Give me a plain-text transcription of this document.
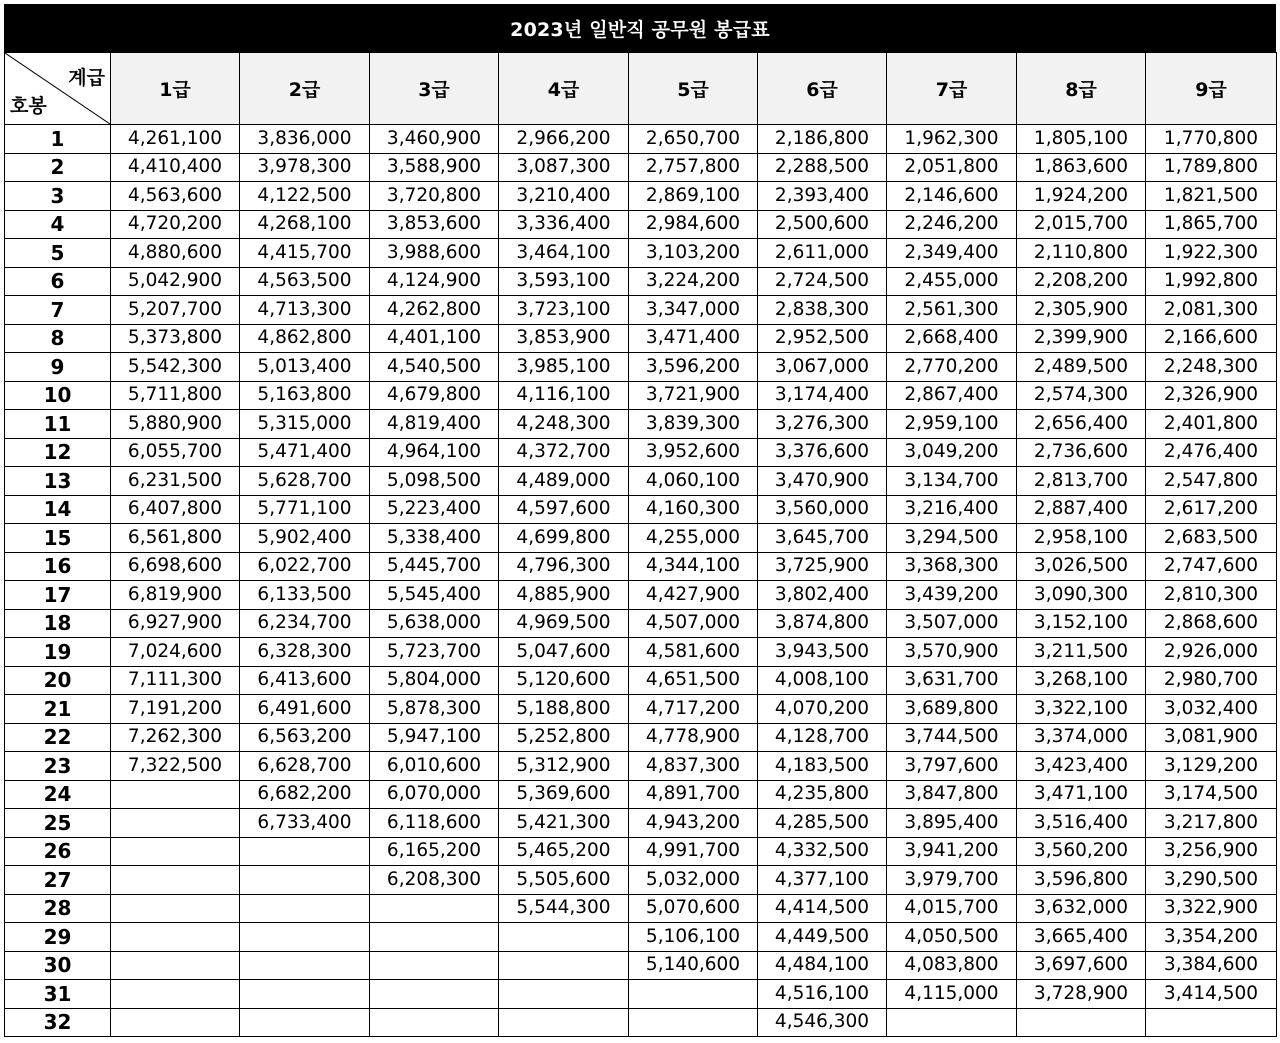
2023년 일반직 공무원 봉급표
계급
호봉	1급	2급	3급	4급	5급	6급	7급	8급	9급
1	4,261,100	3,836,000	3,460,900	2,966,200	2,650,700	2,186,800	1,962,300	1,805,100	1,770,800
2	4,410,400	3,978,300	3,588,900	3,087,300	2,757,800	2,288,500	2,051,800	1,863,600	1,789,800
3	4,563,600	4,122,500	3,720,800	3,210,400	2,869,100	2,393,400	2,146,600	1,924,200	1,821,500
4	4,720,200	4,268,100	3,853,600	3,336,400	2,984,600	2,500,600	2,246,200	2,015,700	1,865,700
5	4,880,600	4,415,700	3,988,600	3,464,100	3,103,200	2,611,000	2,349,400	2,110,800	1,922,300
6	5,042,900	4,563,500	4,124,900	3,593,100	3,224,200	2,724,500	2,455,000	2,208,200	1,992,800
7	5,207,700	4,713,300	4,262,800	3,723,100	3,347,000	2,838,300	2,561,300	2,305,900	2,081,300
8	5,373,800	4,862,800	4,401,100	3,853,900	3,471,400	2,952,500	2,668,400	2,399,900	2,166,600
9	5,542,300	5,013,400	4,540,500	3,985,100	3,596,200	3,067,000	2,770,200	2,489,500	2,248,300
10	5,711,800	5,163,800	4,679,800	4,116,100	3,721,900	3,174,400	2,867,400	2,574,300	2,326,900
11	5,880,900	5,315,000	4,819,400	4,248,300	3,839,300	3,276,300	2,959,100	2,656,400	2,401,800
12	6,055,700	5,471,400	4,964,100	4,372,700	3,952,600	3,376,600	3,049,200	2,736,600	2,476,400
13	6,231,500	5,628,700	5,098,500	4,489,000	4,060,100	3,470,900	3,134,700	2,813,700	2,547,800
14	6,407,800	5,771,100	5,223,400	4,597,600	4,160,300	3,560,000	3,216,400	2,887,400	2,617,200
15	6,561,800	5,902,400	5,338,400	4,699,800	4,255,000	3,645,700	3,294,500	2,958,100	2,683,500
16	6,698,600	6,022,700	5,445,700	4,796,300	4,344,100	3,725,900	3,368,300	3,026,500	2,747,600
17	6,819,900	6,133,500	5,545,400	4,885,900	4,427,900	3,802,400	3,439,200	3,090,300	2,810,300
18	6,927,900	6,234,700	5,638,000	4,969,500	4,507,000	3,874,800	3,507,000	3,152,100	2,868,600
19	7,024,600	6,328,300	5,723,700	5,047,600	4,581,600	3,943,500	3,570,900	3,211,500	2,926,000
20	7,111,300	6,413,600	5,804,000	5,120,600	4,651,500	4,008,100	3,631,700	3,268,100	2,980,700
21	7,191,200	6,491,600	5,878,300	5,188,800	4,717,200	4,070,200	3,689,800	3,322,100	3,032,400
22	7,262,300	6,563,200	5,947,100	5,252,800	4,778,900	4,128,700	3,744,500	3,374,000	3,081,900
23	7,322,500	6,628,700	6,010,600	5,312,900	4,837,300	4,183,500	3,797,600	3,423,400	3,129,200
24		6,682,200	6,070,000	5,369,600	4,891,700	4,235,800	3,847,800	3,471,100	3,174,500
25		6,733,400	6,118,600	5,421,300	4,943,200	4,285,500	3,895,400	3,516,400	3,217,800
26			6,165,200	5,465,200	4,991,700	4,332,500	3,941,200	3,560,200	3,256,900
27			6,208,300	5,505,600	5,032,000	4,377,100	3,979,700	3,596,800	3,290,500
28				5,544,300	5,070,600	4,414,500	4,015,700	3,632,000	3,322,900
29					5,106,100	4,449,500	4,050,500	3,665,400	3,354,200
30					5,140,600	4,484,100	4,083,800	3,697,600	3,384,600
31						4,516,100	4,115,000	3,728,900	3,414,500
32						4,546,300			
